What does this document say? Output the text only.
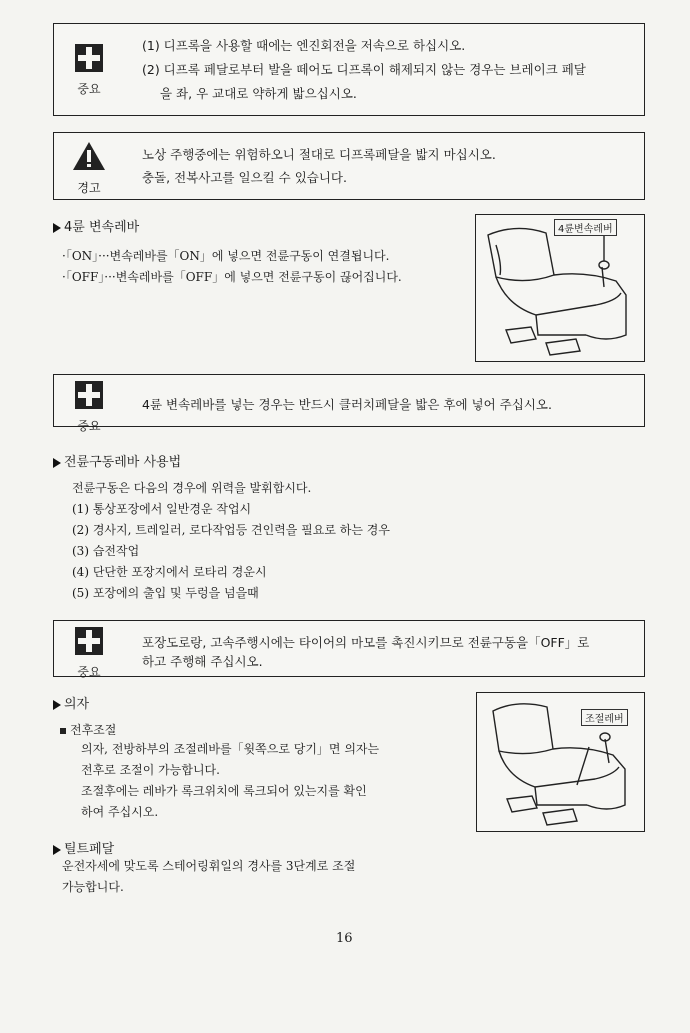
중요
(1) 디프록을 사용할 때에는 엔진회전을 저속으로 하십시오.
(2) 디프록 페달로부터 발을 떼어도 디프록이 해제되지 않는 경우는 브레이크 페달
을 좌, 우 교대로 약하게 밟으십시오.
경고
노상 주행중에는 위험하오니 절대로 디프록페달을 밟지 마십시오.
충돌, 전복사고를 일으킬 수 있습니다.
4륜 변속레바
·「ON」···변속레바를「ON」에 넣으면 전륜구동이 연결됩니다.
·「OFF」···변속레바를「OFF」에 넣으면 전륜구동이 끊어집니다.
4륜변속레버
중요
4륜 변속레바를 넣는 경우는 반드시 클러치페달을 밟은 후에 넣어 주십시오.
전륜구동레바 사용법
전륜구동은 다음의 경우에 위력을 발휘합시다.
(1) 통상포장에서 일반경운 작업시
(2) 경사지, 트레일러, 로다작업등 견인력을 필요로 하는 경우
(3) 습전작업
(4) 단단한 포장지에서 로타리 경운시
(5) 포장에의 출입 및 두렁을 넘을때
중요
포장도로랑, 고속주행시에는 타이어의 마모를 촉진시키므로 전륜구동을「OFF」로
하고 주행해 주십시오.
의자
전후조절
의자, 전방하부의 조절레바를「윗쪽으로 당기」면 의자는
전후로 조절이 가능합니다.
조절후에는 레바가 록크위치에 록크되어 있는지를 확인
하여 주십시오.
조절레버
틸트페달
운전자세에 맞도록 스테어링휘일의 경사를 3단계로 조절
가능합니다.
16
